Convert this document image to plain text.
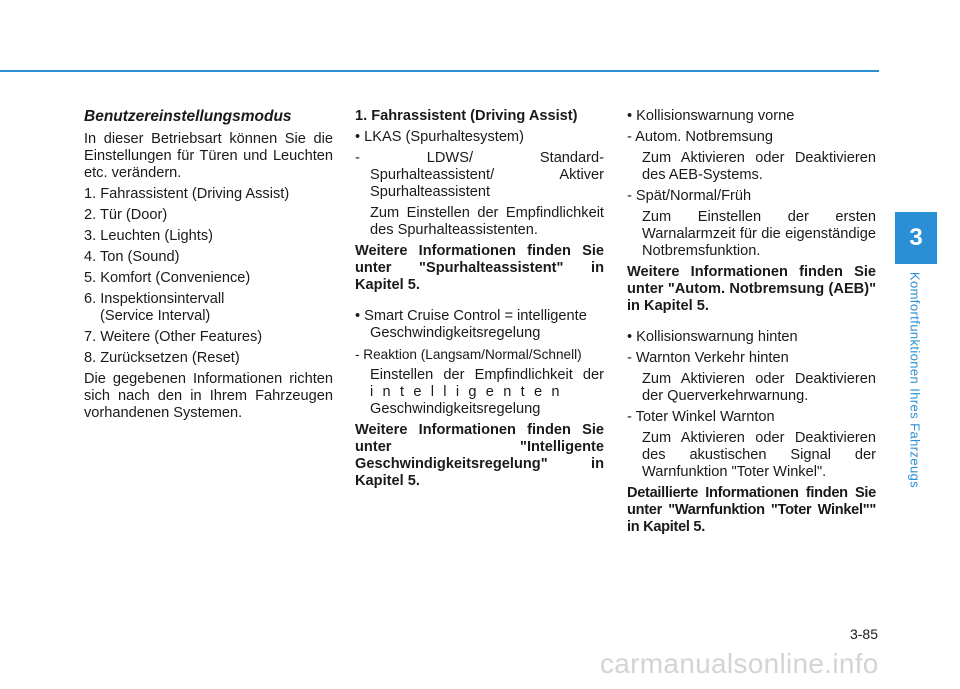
Benutzereinstellungsmodus

In dieser Betriebsart können Sie die Einstellungen für Türen und Leuchten etc. verändern.

1. Fahrassistent (Driving Assist)

2. Tür (Door)

3. Leuchten (Lights)

4. Ton (Sound)

5. Komfort (Convenience)

6. Inspektionsintervall

(Service Interval)

7. Weitere (Other Features)

8. Zurücksetzen (Reset)

Die gegebenen Informationen richten sich nach den in Ihrem Fahrzeugen vorhandenen Systemen.

1. Fahrassistent (Driving Assist)

• LKAS (Spurhaltesystem)

- LDWS/ Standard-

Spurhalteassistent/ Aktiver

Spurhalteassistent

Zum Einstellen der Empfindlichkeit des Spurhalteassistenten.

Weitere Informationen finden Sie unter "Spurhalteassistent" in Kapitel 5.

• Smart Cruise Control = intelligente Geschwindigkeitsregelung

- Reaktion (Langsam/Normal/Schnell)

Einstellen der Empfindlichkeit der

intelligenten

Geschwindigkeitsregelung

Weitere Informationen finden Sie unter "Intelligente Geschwindigkeitsregelung" in Kapitel 5.

• Kollisionswarnung vorne

- Autom. Notbremsung

Zum Aktivieren oder Deaktivieren des AEB-Systems.

- Spät/Normal/Früh

Zum Einstellen der ersten Warnalarmzeit für die eigenständige Notbremsfunktion.

Weitere Informationen finden Sie unter "Autom. Notbremsung (AEB)" in Kapitel 5.

• Kollisionswarnung hinten

- Warnton Verkehr hinten

Zum Aktivieren oder Deaktivieren der Querverkehrwarnung.

- Toter Winkel Warnton

Zum Aktivieren oder Deaktivieren des akustischen Signal der Warnfunktion "Toter Winkel".

Detaillierte Informationen finden Sie unter "Warnfunktion "Toter Winkel"" in Kapitel 5.

3
Komfortfunktionen Ihres Fahrzeugs
3-85
carmanualsonline.info
